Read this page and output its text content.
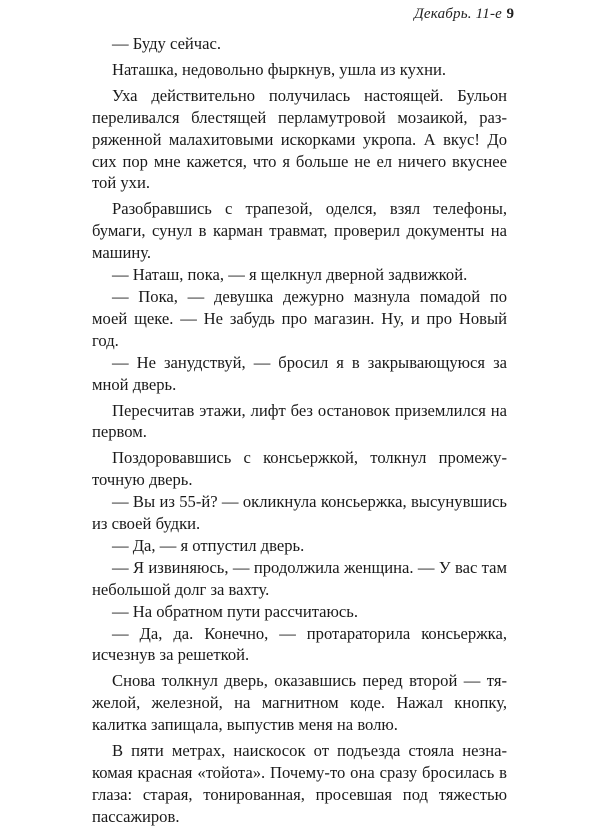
Декабрь. 11-е 9

— Буду сейчас.

Наташка, недовольно фыркнув, ушла из кухни.

Уха действительно получилась настоящей. Бульон переливался блестящей перламутровой мозаикой, разряженной малахитовыми искорками укропа. А вкус! До сих пор мне кажется, что я больше не ел ничего вкуснее той ухи.

Разобравшись с трапезой, оделся, взял телефоны, бумаги, сунул в карман травмат, проверил документы на машину.

— Наташ, пока, — я щелкнул дверной задвижкой.

— Пока, — девушка дежурно мазнула помадой по моей щеке. — Не забудь про магазин. Ну, и про Новый год.

— Не занудствуй, — бросил я в закрывающуюся за мной дверь.

Пересчитав этажи, лифт без остановок приземлился на первом.

Поздоровавшись с консьержкой, толкнул промежуточную дверь.

— Вы из 55-й? — окликнула консьержка, высунувшись из своей будки.

— Да, — я отпустил дверь.

— Я извиняюсь, — продолжила женщина. — У вас там небольшой долг за вахту.

— На обратном пути рассчитаюсь.

— Да, да. Конечно, — протараторила консьержка, исчезнув за решеткой.

Снова толкнул дверь, оказавшись перед второй — тяжелой, железной, на магнитном коде. Нажал кнопку, калитка запищала, выпустив меня на волю.

В пяти метрах, наискосок от подъезда стояла незнакомая красная «тойота». Почему-то она сразу бросилась в глаза: старая, тонированная, просевшая под тяжестью пассажиров.
